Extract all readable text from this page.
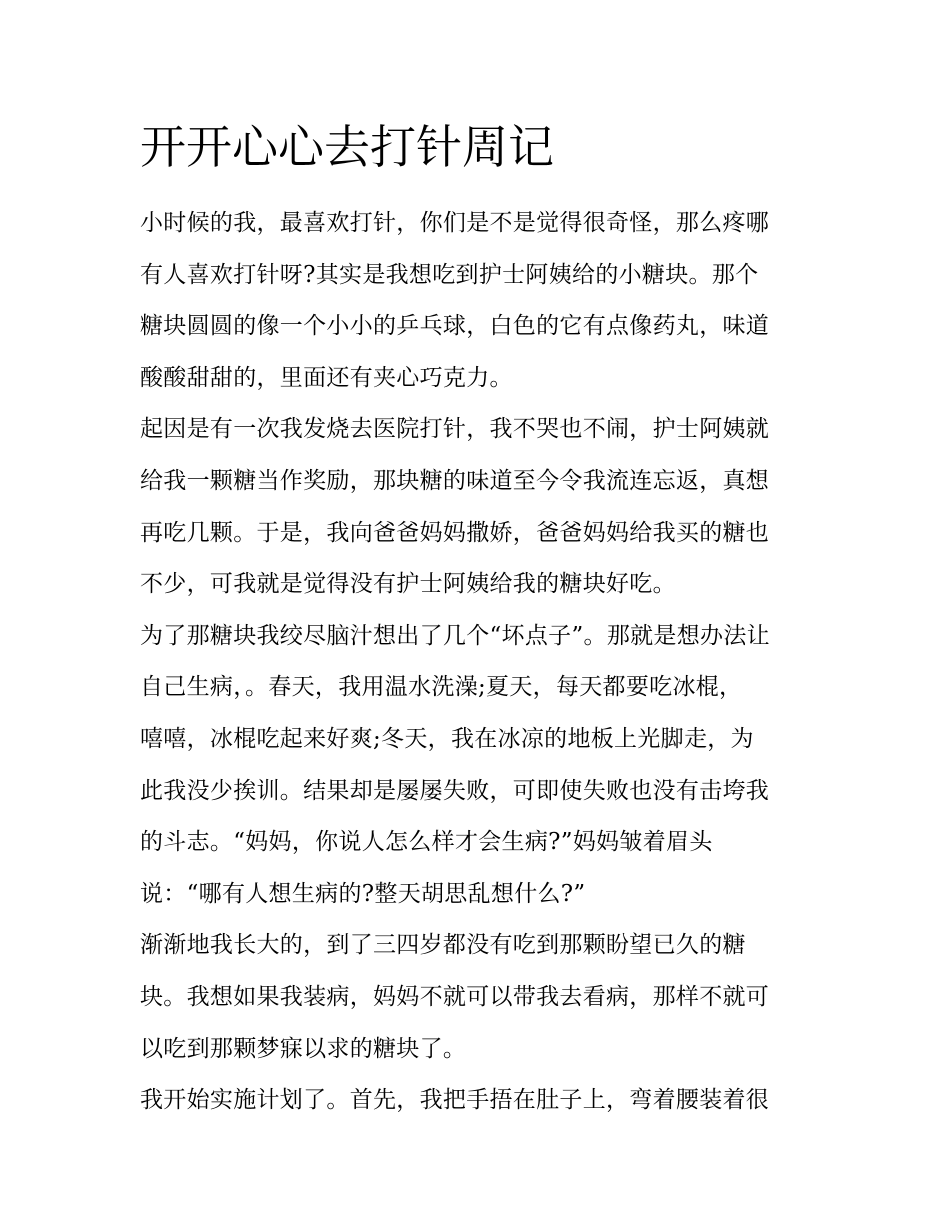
开开心心去打针周记
小时候的我，最喜欢打针，你们是不是觉得很奇怪，那么疼哪
有人喜欢打针呀?其实是我想吃到护士阿姨给的小糖块。那个
糖块圆圆的像一个小小的乒乓球，白色的它有点像药丸，味道
酸酸甜甜的，里面还有夹心巧克力。
起因是有一次我发烧去医院打针，我不哭也不闹，护士阿姨就
给我一颗糖当作奖励，那块糖的味道至今令我流连忘返，真想
再吃几颗。于是，我向爸爸妈妈撒娇，爸爸妈妈给我买的糖也
不少，可我就是觉得没有护士阿姨给我的糖块好吃。
为了那糖块我绞尽脑汁想出了几个“坏点子”。那就是想办法让
自己生病，。春天，我用温水洗澡;夏天，每天都要吃冰棍，
嘻嘻，冰棍吃起来好爽;冬天，我在冰凉的地板上光脚走，为
此我没少挨训。结果却是屡屡失败，可即使失败也没有击垮我
的斗志。“妈妈，你说人怎么样才会生病?”妈妈皱着眉头
说：“哪有人想生病的?整天胡思乱想什么?”
渐渐地我长大的，到了三四岁都没有吃到那颗盼望已久的糖
块。我想如果我装病，妈妈不就可以带我去看病，那样不就可
以吃到那颗梦寐以求的糖块了。
我开始实施计划了。首先，我把手捂在肚子上，弯着腰装着很
